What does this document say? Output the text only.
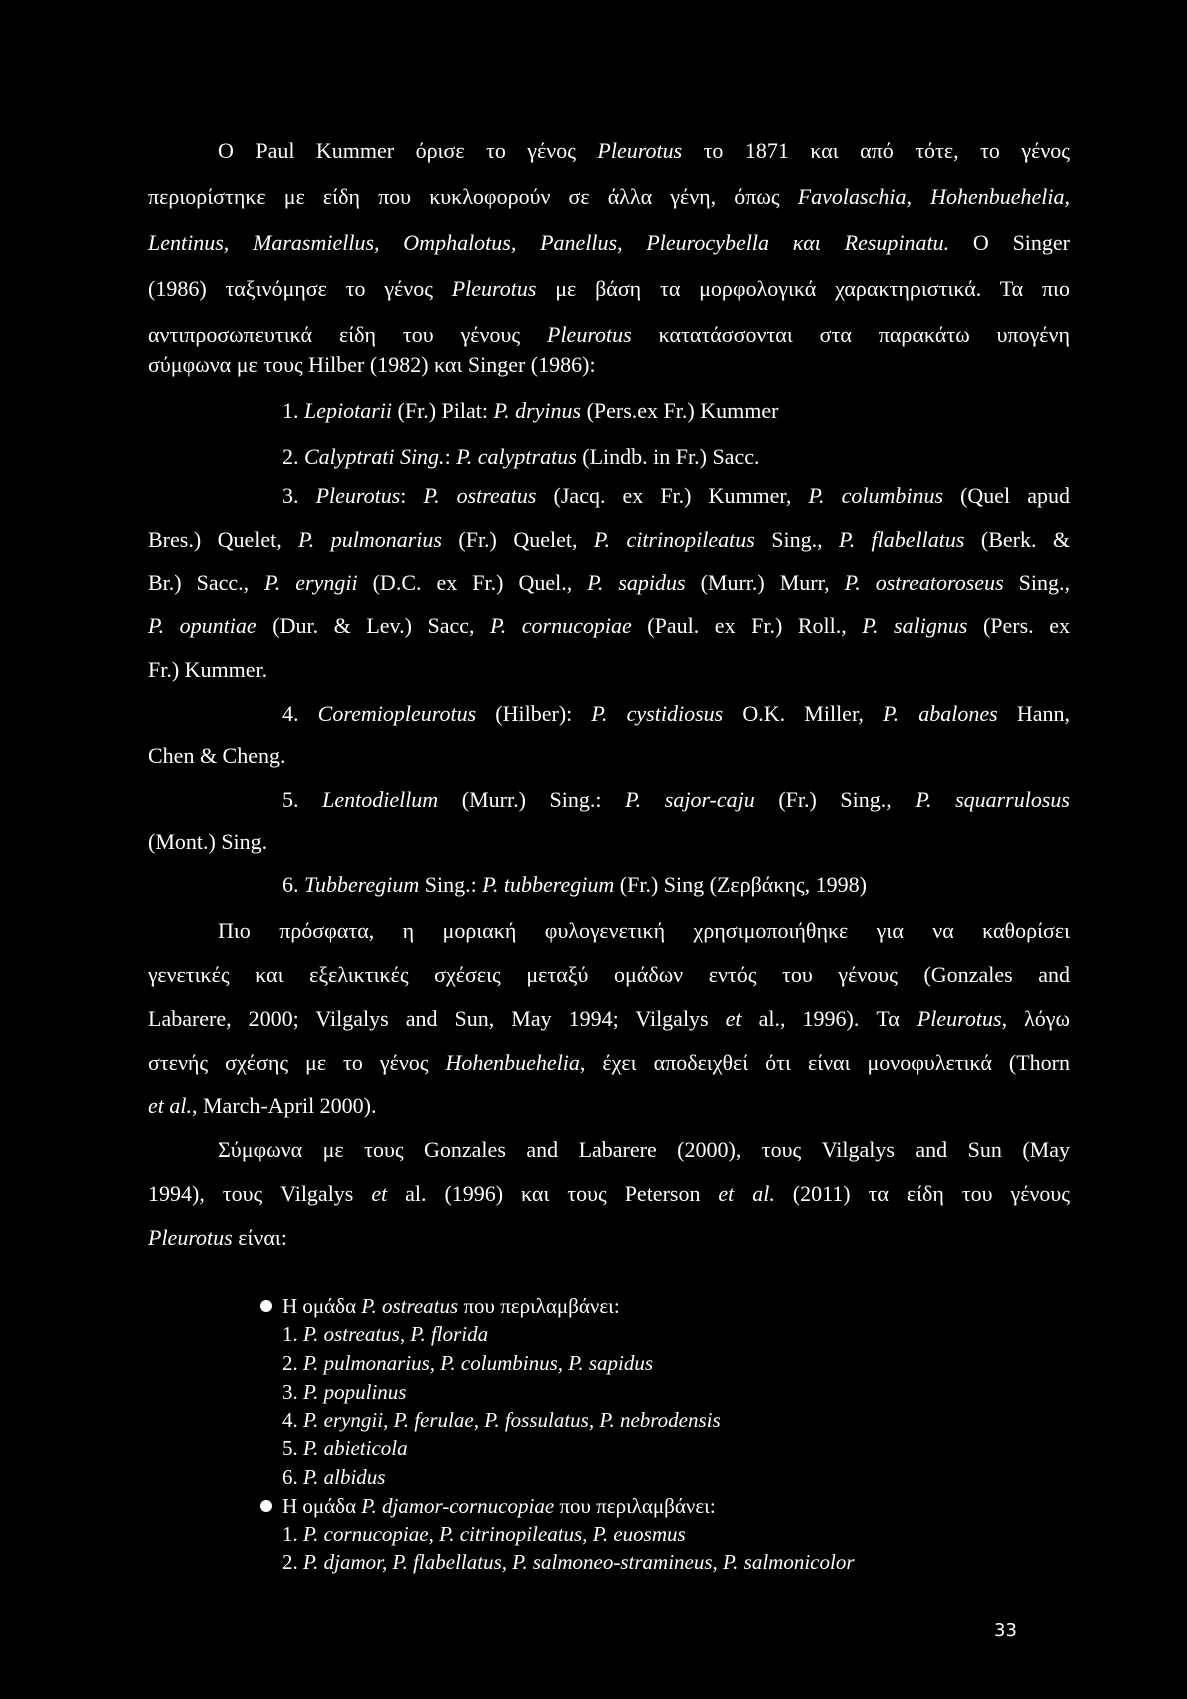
Ο Paul Kummer όρισε το γένος Pleurotus το 1871 και από τότε, το γένος
περιορίστηκε με είδη που κυκλοφορούν σε άλλα γένη, όπως Favolaschia, Hohenbuehelia,
Lentinus, Marasmiellus, Omphalotus, Panellus, Pleurocybella και Resupinatu. Ο Singer
(1986) ταξινόμησε το γένος Pleurotus με βάση τα μορφολογικά χαρακτηριστικά. Τα πιο
αντιπροσωπευτικά είδη του γένους Pleurotus κατατάσσονται στα παρακάτω υπογένη
σύμφωνα με τους Hilber (1982) και Singer (1986):
1. Lepiotarii (Fr.) Pilat: P. dryinus (Pers.ex Fr.) Kummer
2. Calyptrati Sing.: P. calyptratus (Lindb. in Fr.) Sacc.
3. Pleurotus: P. ostreatus (Jacq. ex Fr.) Kummer, P. columbinus (Quel apud
Bres.) Quelet, P. pulmonarius (Fr.) Quelet, P. citrinopileatus Sing., P. flabellatus (Berk. &
Br.) Sacc., P. eryngii (D.C. ex Fr.) Quel., P. sapidus (Murr.) Murr, P. ostreatoroseus Sing.,
P. opuntiae (Dur. & Lev.) Sacc, P. cornucopiae (Paul. ex Fr.) Roll., P. salignus (Pers. ex
Fr.) Kummer.
4. Coremiopleurotus (Hilber): P. cystidiosus O.K. Miller, P. abalones Hann,
Chen & Cheng.
5. Lentodiellum (Murr.) Sing.: P. sajor-caju (Fr.) Sing., P. squarrulosus
(Mont.) Sing.
6. Tubberegium Sing.: P. tubberegium (Fr.) Sing (Ζερβάκης, 1998)
Πιο πρόσφατα, η μοριακή φυλογενετική χρησιμοποιήθηκε για να καθορίσει
γενετικές και εξελικτικές σχέσεις μεταξύ ομάδων εντός του γένους (Gonzales and
Labarere, 2000; Vilgalys and Sun, May 1994; Vilgalys et al., 1996). Τα Pleurotus, λόγω
στενής σχέσης με το γένος Hohenbuehelia, έχει αποδειχθεί ότι είναι μονοφυλετικά (Thorn
et al., March-April 2000).
Σύμφωνα με τους Gonzales and Labarere (2000), τους Vilgalys and Sun (May
1994), τους Vilgalys et al. (1996) και τους Peterson et al. (2011) τα είδη του γένους
Pleurotus είναι:
Η ομάδα P. ostreatus που περιλαμβάνει:
1. P. ostreatus, P. florida
2. P. pulmonarius, P. columbinus, P. sapidus
3. P. populinus
4. P. eryngii, P. ferulae, P. fossulatus, P. nebrodensis
5. P. abieticola
6. P. albidus
Η ομάδα P. djamor-cornucopiae που περιλαμβάνει:
1. P. cornucopiae, P. citrinopileatus, P. euosmus
2. P. djamor, P. flabellatus, P. salmoneo-stramineus, P. salmonicolor
33
